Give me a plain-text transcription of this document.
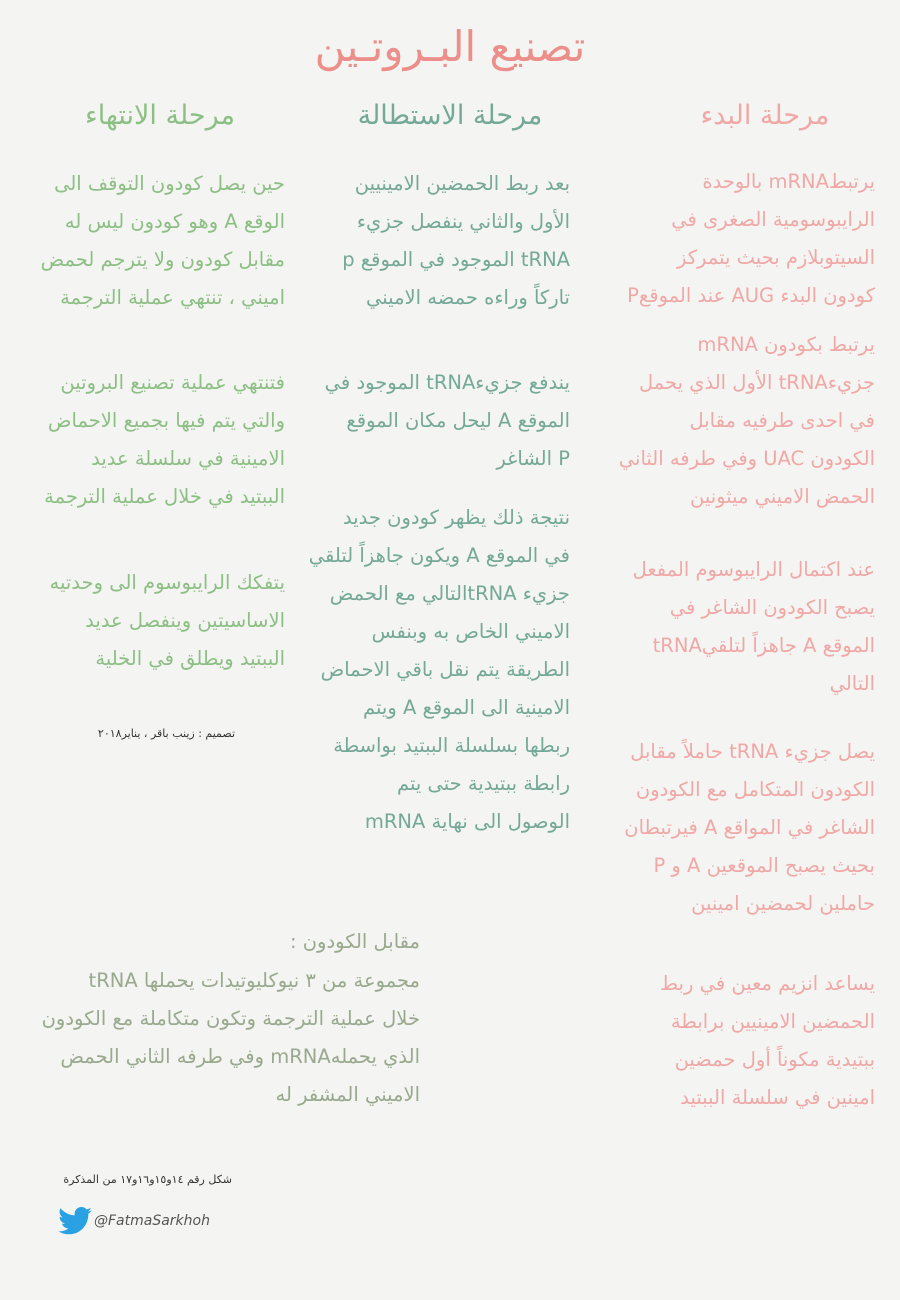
تصنيع البـروتـين
مرحلة البدء
مرحلة الاستطالة
مرحلة الانتهاء
يرتبطmRNA بالوحدة
الرايبوسومية الصغرى في
السيتوبلازم بحيث يتمركز
كودون البدء AUG عند الموقعP
يرتبط بكودون mRNA
جزيءtRNA الأول الذي يحمل
في احدى طرفيه مقابل
الكودون UAC وفي طرفه الثاني
الحمض الاميني ميثونين
عند اكتمال الرايبوسوم المفعل
يصبح الكودون الشاغر في
الموقع A جاهزاً لتلقيtRNA
التالي
يصل جزيء tRNA حاملاً مقابل
الكودون المتكامل مع الكودون
الشاغر في المواقع A فيرتبطان
بحيث يصبح الموقعين A و P
حاملين لحمضين امينين
يساعد انزيم معين في ربط
الحمضين الامينيين برابطة
ببتيدية مكوناً أول حمضين
امينين في سلسلة الببتيد
بعد ربط الحمضين الامينيين
الأول والثاني ينفصل جزيء
tRNA الموجود في الموقع p
تاركاً وراءه حمضه الاميني
يندفع جزيءtRNA الموجود في
الموقع A ليحل مكان الموقع
P الشاغر
نتيجة ذلك يظهر كودون جديد
في الموقع A ويكون جاهزاً لتلقي
جزيء tRNAالتالي مع الحمض
الاميني الخاص به وبنفس
الطريقة يتم نقل باقي الاحماض
الامينية الى الموقع A ويتم
ربطها بسلسلة الببتيد بواسطة
رابطة ببتيدية حتى يتم
الوصول الى نهاية mRNA
حين يصل كودون التوقف الى
الوقع A وهو كودون ليس له
مقابل كودون ولا يترجم لحمض
اميني ، تنتهي عملية الترجمة
فتنتهي عملية تصنيع البروتين
والتي يتم فيها بجميع الاحماض
الامينية في سلسلة عديد
الببتيد في خلال عملية الترجمة
يتفكك الرايبوسوم الى وحدتيه
الاساسيتين وينفصل عديد
الببتيد ويطلق في الخلية
تصميم : زينب باقر ، يناير٢٠١٨
مقابل الكودون :
مجموعة من ٣ نيوكليوتيدات يحملها tRNA
خلال عملية الترجمة وتكون متكاملة مع الكودون
الذي يحملهmRNA وفي طرفه الثاني الحمض
الاميني المشفر له
شكل رقم ١٤و١٥و١٦و١٧ من المذكرة
@FatmaSarkhoh
